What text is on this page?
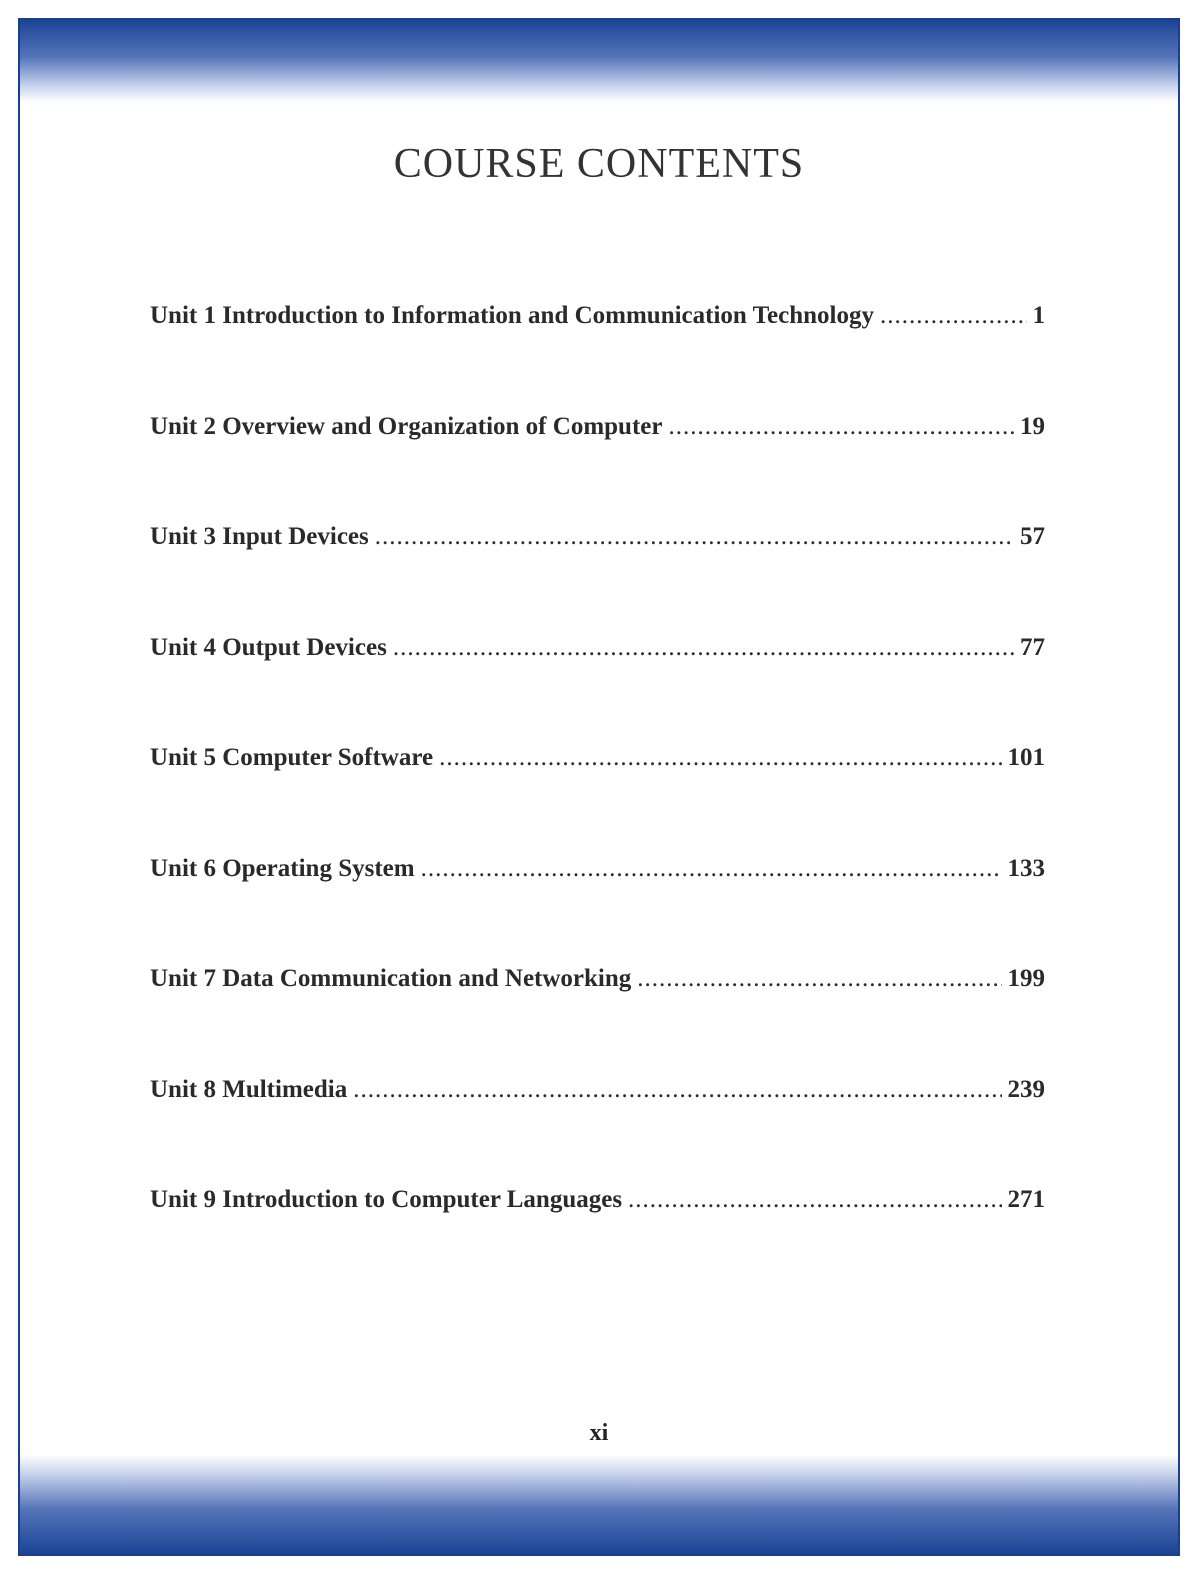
COURSE CONTENTS
Unit 1 Introduction to Information and Communication Technology .....	1
Unit 2 Overview and Organization of Computer .....	19
Unit 3 Input Devices .....	57
Unit 4 Output Devices .....	77
Unit 5 Computer Software .....	101
Unit 6 Operating System .....	133
Unit 7 Data Communication and Networking .....	199
Unit 8 Multimedia .....	239
Unit 9 Introduction to Computer Languages .....	271
xi
